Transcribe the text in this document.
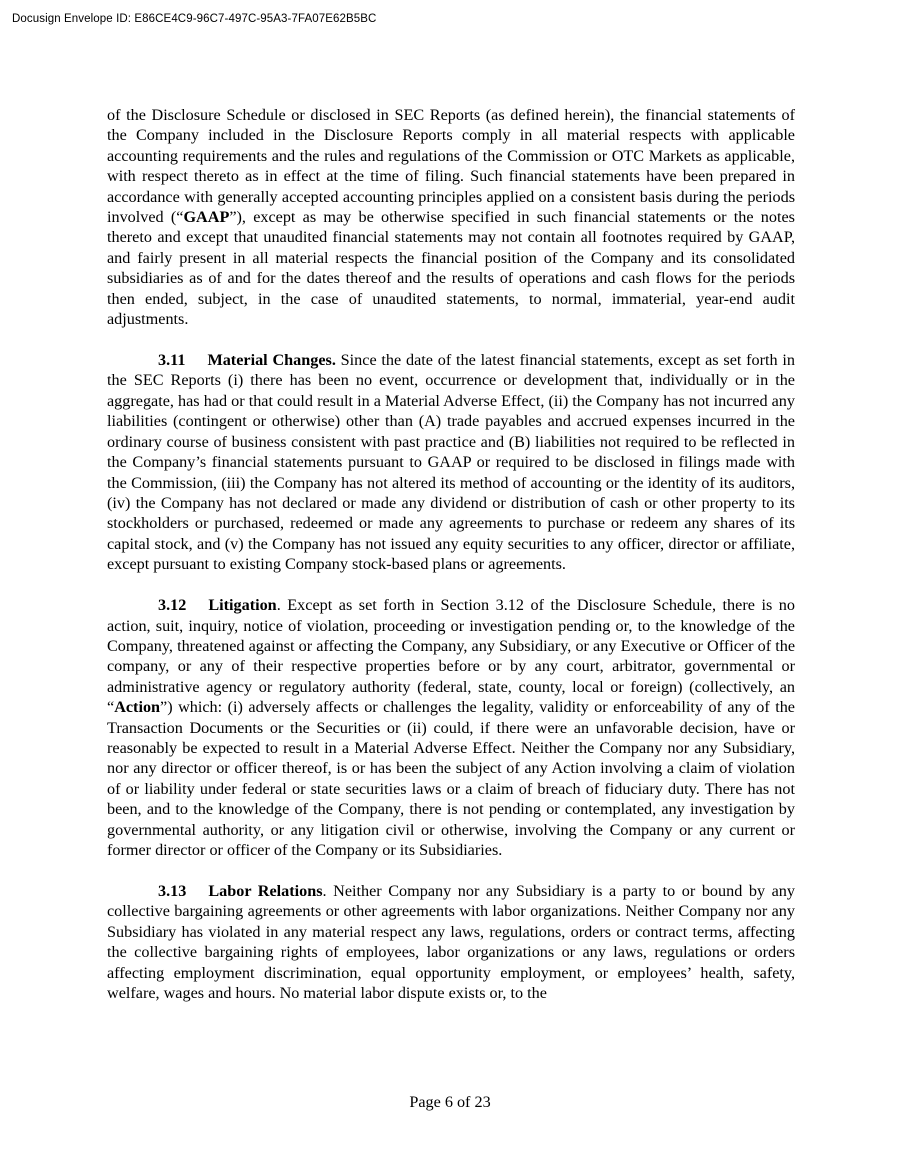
Docusign Envelope ID: E86CE4C9-96C7-497C-95A3-7FA07E62B5BC

of the Disclosure Schedule or disclosed in SEC Reports (as defined herein), the financial statements of the Company included in the Disclosure Reports comply in all material respects with applicable accounting requirements and the rules and regulations of the Commission or OTC Markets as applicable, with respect thereto as in effect at the time of filing. Such financial statements have been prepared in accordance with generally accepted accounting principles applied on a consistent basis during the periods involved (“GAAP”), except as may be otherwise specified in such financial statements or the notes thereto and except that unaudited financial statements may not contain all footnotes required by GAAP, and fairly present in all material respects the financial position of the Company and its consolidated subsidiaries as of and for the dates thereof and the results of operations and cash flows for the periods then ended, subject, in the case of unaudited statements, to normal, immaterial, year-end audit adjustments.

3.11 Material Changes. Since the date of the latest financial statements, except as set forth in the SEC Reports (i) there has been no event, occurrence or development that, individually or in the aggregate, has had or that could result in a Material Adverse Effect, (ii) the Company has not incurred any liabilities (contingent or otherwise) other than (A) trade payables and accrued expenses incurred in the ordinary course of business consistent with past practice and (B) liabilities not required to be reflected in the Company’s financial statements pursuant to GAAP or required to be disclosed in filings made with the Commission, (iii) the Company has not altered its method of accounting or the identity of its auditors, (iv) the Company has not declared or made any dividend or distribution of cash or other property to its stockholders or purchased, redeemed or made any agreements to purchase or redeem any shares of its capital stock, and (v) the Company has not issued any equity securities to any officer, director or affiliate, except pursuant to existing Company stock-based plans or agreements.

3.12 Litigation. Except as set forth in Section 3.12 of the Disclosure Schedule, there is no action, suit, inquiry, notice of violation, proceeding or investigation pending or, to the knowledge of the Company, threatened against or affecting the Company, any Subsidiary, or any Executive or Officer of the company, or any of their respective properties before or by any court, arbitrator, governmental or administrative agency or regulatory authority (federal, state, county, local or foreign) (collectively, an “Action”) which: (i) adversely affects or challenges the legality, validity or enforceability of any of the Transaction Documents or the Securities or (ii) could, if there were an unfavorable decision, have or reasonably be expected to result in a Material Adverse Effect. Neither the Company nor any Subsidiary, nor any director or officer thereof, is or has been the subject of any Action involving a claim of violation of or liability under federal or state securities laws or a claim of breach of fiduciary duty. There has not been, and to the knowledge of the Company, there is not pending or contemplated, any investigation by governmental authority, or any litigation civil or otherwise, involving the Company or any current or former director or officer of the Company or its Subsidiaries.

3.13 Labor Relations. Neither Company nor any Subsidiary is a party to or bound by any collective bargaining agreements or other agreements with labor organizations. Neither Company nor any Subsidiary has violated in any material respect any laws, regulations, orders or contract terms, affecting the collective bargaining rights of employees, labor organizations or any laws, regulations or orders affecting employment discrimination, equal opportunity employment, or employees’ health, safety, welfare, wages and hours. No material labor dispute exists or, to the

Page 6 of 23
